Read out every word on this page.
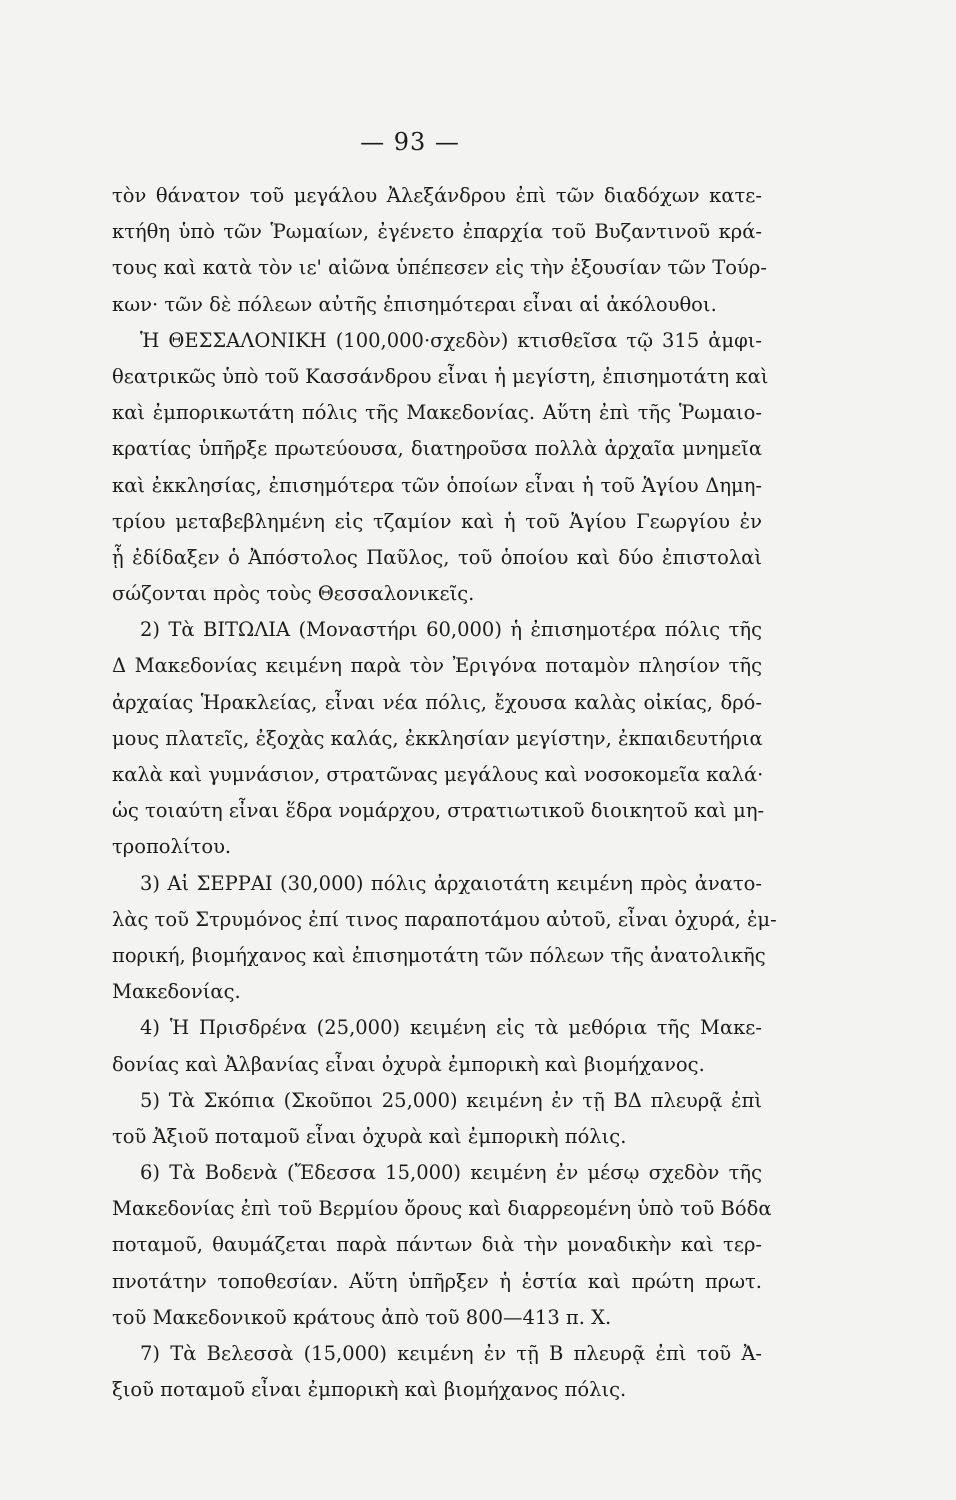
— 93 —
τὸν θάνατον τοῦ μεγάλου Ἀλεξάνδρου ἐπὶ τῶν διαδόχων κατε-
κτήθη ὑπὸ τῶν Ῥωμαίων, ἐγένετο ἐπαρχία τοῦ Βυζαντινοῦ κρά-
τους καὶ κατὰ τὸν ιε' αἰῶνα ὑπέπεσεν εἰς τὴν ἐξουσίαν τῶν Τούρ-
κων· τῶν δὲ πόλεων αὐτῆς ἐπισημότεραι εἶναι αἱ ἀκόλουθοι.
Ἡ ΘΕΣΣΑΛΟΝΙΚΗ (100,000·σχεδὸν) κτισθεῖσα τῷ 315 ἀμφι-
θεατρικῶς ὑπὸ τοῦ Κασσάνδρου εἶναι ἡ μεγίστη, ἐπισημοτάτη καὶ
καὶ ἐμπορικωτάτη πόλις τῆς Μακεδονίας. Αὕτη ἐπὶ τῆς Ῥωμαιο-
κρατίας ὑπῆρξε πρωτεύουσα, διατηροῦσα πολλὰ ἀρχαῖα μνημεῖα
καὶ ἐκκλησίας, ἐπισημότερα τῶν ὁποίων εἶναι ἡ τοῦ Ἁγίου Δημη-
τρίου μεταβεβλημένη εἰς τζαμίον καὶ ἡ τοῦ Ἁγίου Γεωργίου ἐν
ᾗ ἐδίδαξεν ὁ Ἀπόστολος Παῦλος, τοῦ ὁποίου καὶ δύο ἐπιστολαὶ
σώζονται πρὸς τοὺς Θεσσαλονικεῖς.
2) Τὰ ΒΙΤΩΛΙΑ (Μοναστήρι 60,000) ἡ ἐπισημοτέρα πόλις τῆς
Δ Μακεδονίας κειμένη παρὰ τὸν Ἐριγόνα ποταμὸν πλησίον τῆς
ἀρχαίας Ἡρακλείας, εἶναι νέα πόλις, ἔχουσα καλὰς οἰκίας, δρό-
μους πλατεῖς, ἐξοχὰς καλάς, ἐκκλησίαν μεγίστην, ἐκπαιδευτήρια
καλὰ καὶ γυμνάσιον, στρατῶνας μεγάλους καὶ νοσοκομεῖα καλά·
ὡς τοιαύτη εἶναι ἕδρα νομάρχου, στρατιωτικοῦ διοικητοῦ καὶ μη-
τροπολίτου.
3) Αἱ ΣΕΡΡΑΙ (30,000) πόλις ἀρχαιοτάτη κειμένη πρὸς ἀνατο-
λὰς τοῦ Στρυμόνος ἐπί τινος παραποτάμου αὐτοῦ, εἶναι ὀχυρά, ἐμ-
πορική, βιομήχανος καὶ ἐπισημοτάτη τῶν πόλεων τῆς ἀνατολικῆς
Μακεδονίας.
4) Ἡ Πρισδρένα (25,000) κειμένη εἰς τὰ μεθόρια τῆς Μακε-
δονίας καὶ Ἀλβανίας εἶναι ὀχυρὰ ἐμπορικὴ καὶ βιομήχανος.
5) Τὰ Σκόπια (Σκοῦποι 25,000) κειμένη ἐν τῇ ΒΔ πλευρᾷ ἐπὶ
τοῦ Ἀξιοῦ ποταμοῦ εἶναι ὀχυρὰ καὶ ἐμπορικὴ πόλις.
6) Τὰ Βοδενὰ (Ἔδεσσα 15,000) κειμένη ἐν μέσῳ σχεδὸν τῆς
Μακεδονίας ἐπὶ τοῦ Βερμίου ὄρους καὶ διαρρεομένη ὑπὸ τοῦ Βόδα
ποταμοῦ, θαυμάζεται παρὰ πάντων διὰ τὴν μοναδικὴν καὶ τερ-
πνοτάτην τοποθεσίαν. Αὕτη ὑπῆρξεν ἡ ἑστία καὶ πρώτη πρωτ.
τοῦ Μακεδονικοῦ κράτους ἀπὸ τοῦ 800—413 π. Χ.
7) Τὰ Βελεσσὰ (15,000) κειμένη ἐν τῇ Β πλευρᾷ ἐπὶ τοῦ Ἀ-
ξιοῦ ποταμοῦ εἶναι ἐμπορικὴ καὶ βιομήχανος πόλις.
